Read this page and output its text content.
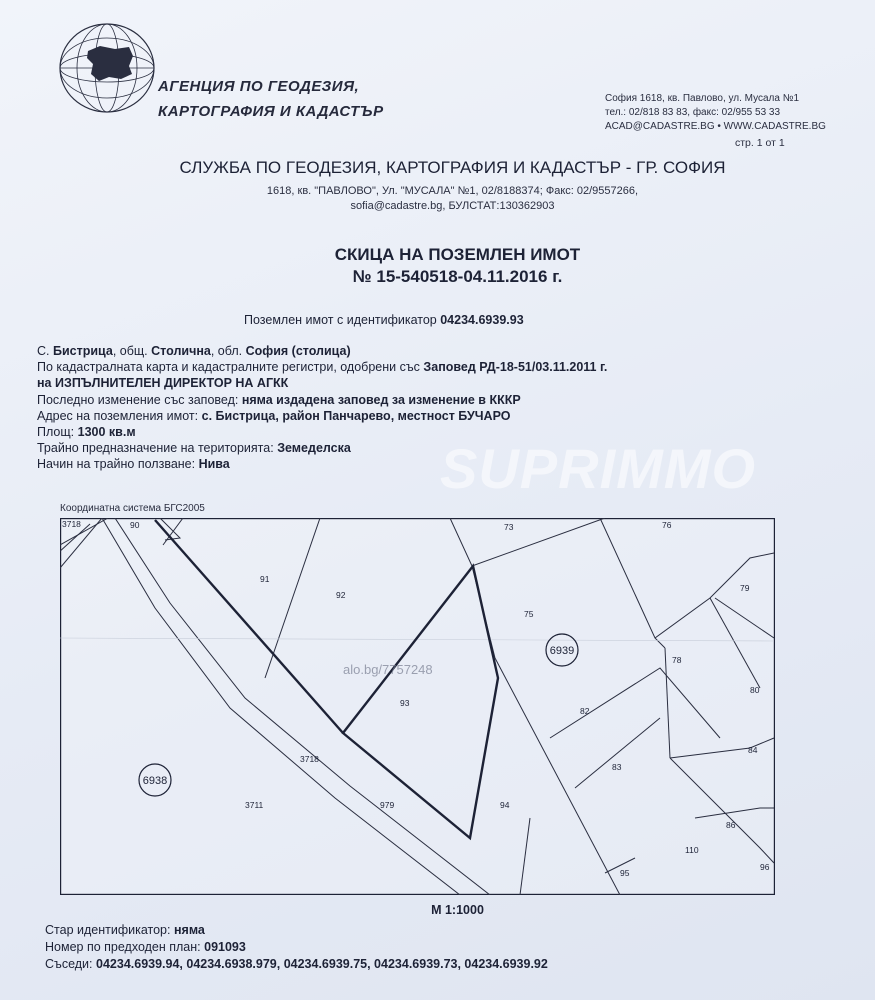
АГЕНЦИЯ ПО ГЕОДЕЗИЯ,
КАРТОГРАФИЯ И КАДАСТЪР
София 1618, кв. Павлово, ул. Мусала №1
тел.: 02/818 83 83, факс: 02/955 53 33
ACAD@CADASTRE.BG • WWW.CADASTRE.BG
стр. 1 от 1
СЛУЖБА ПО ГЕОДЕЗИЯ, КАРТОГРАФИЯ И КАДАСТЪР - ГР. СОФИЯ
1618, кв. "ПАВЛОВО", Ул. "МУСАЛА" №1, 02/8188374; Факс: 02/9557266,
sofia@cadastre.bg, БУЛСТАТ:130362903
СКИЦА НА ПОЗЕМЛЕН ИМОТ
№ 15-540518-04.11.2016 г.
Поземлен имот с идентификатор 04234.6939.93
С. Бистрица, общ. Столична, обл. София (столица)
По кадастралната карта и кадастралните регистри, одобрени със Заповед РД-18-51/03.11.2011 г.
на ИЗПЪЛНИТЕЛЕН ДИРЕКТОР НА АГКК
Последно изменение със заповед: няма издадена заповед за изменение в КККР
Адрес на поземления имот: с. Бистрица, район Панчарево, местност БУЧАРО
Площ: 1300 кв.м
Трайно предназначение на територията: Земеделска
Начин на трайно ползване: Нива	SUPRIMMO
Координатна система БГС2005
6939
6938
3718	90
91
92
73	76
79
75
78
80
93
82
84
83
3718
3711	979	94
86
110
96
95
alo.bg/7757248
М 1:1000
Стар идентификатор: няма
Номер по предходен план: 091093
Съседи: 04234.6939.94, 04234.6938.979, 04234.6939.75, 04234.6939.73, 04234.6939.92
